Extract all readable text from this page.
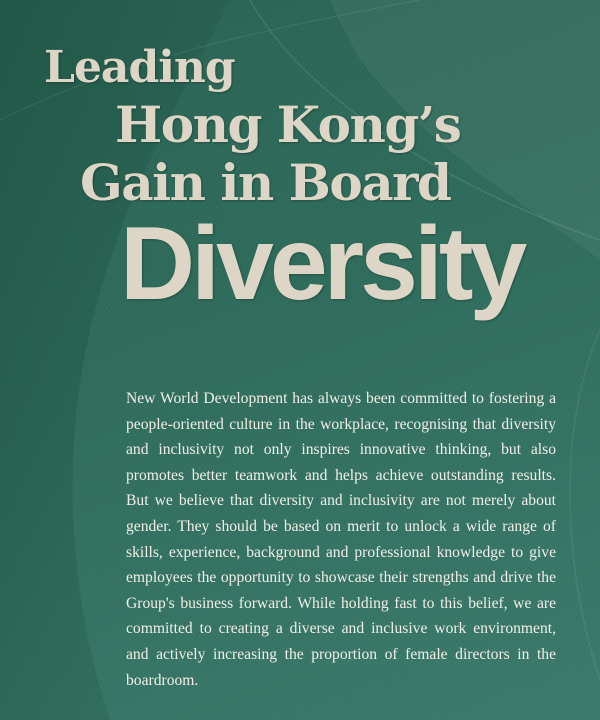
Leading
Hong Kong’s
Gain in Board
Diversity

New World Development has always been committed to fostering a people-oriented culture in the workplace, recognising that diversity and inclusivity not only inspires innovative thinking, but also promotes better teamwork and helps achieve outstanding results. But we believe that diversity and inclusivity are not merely about gender. They should be based on merit to unlock a wide range of skills, experience, background and professional knowledge to give employees the opportunity to showcase their strengths and drive the Group's business forward. While holding fast to this belief, we are committed to creating a diverse and inclusive work environment, and actively increasing the proportion of female directors in the boardroom.
